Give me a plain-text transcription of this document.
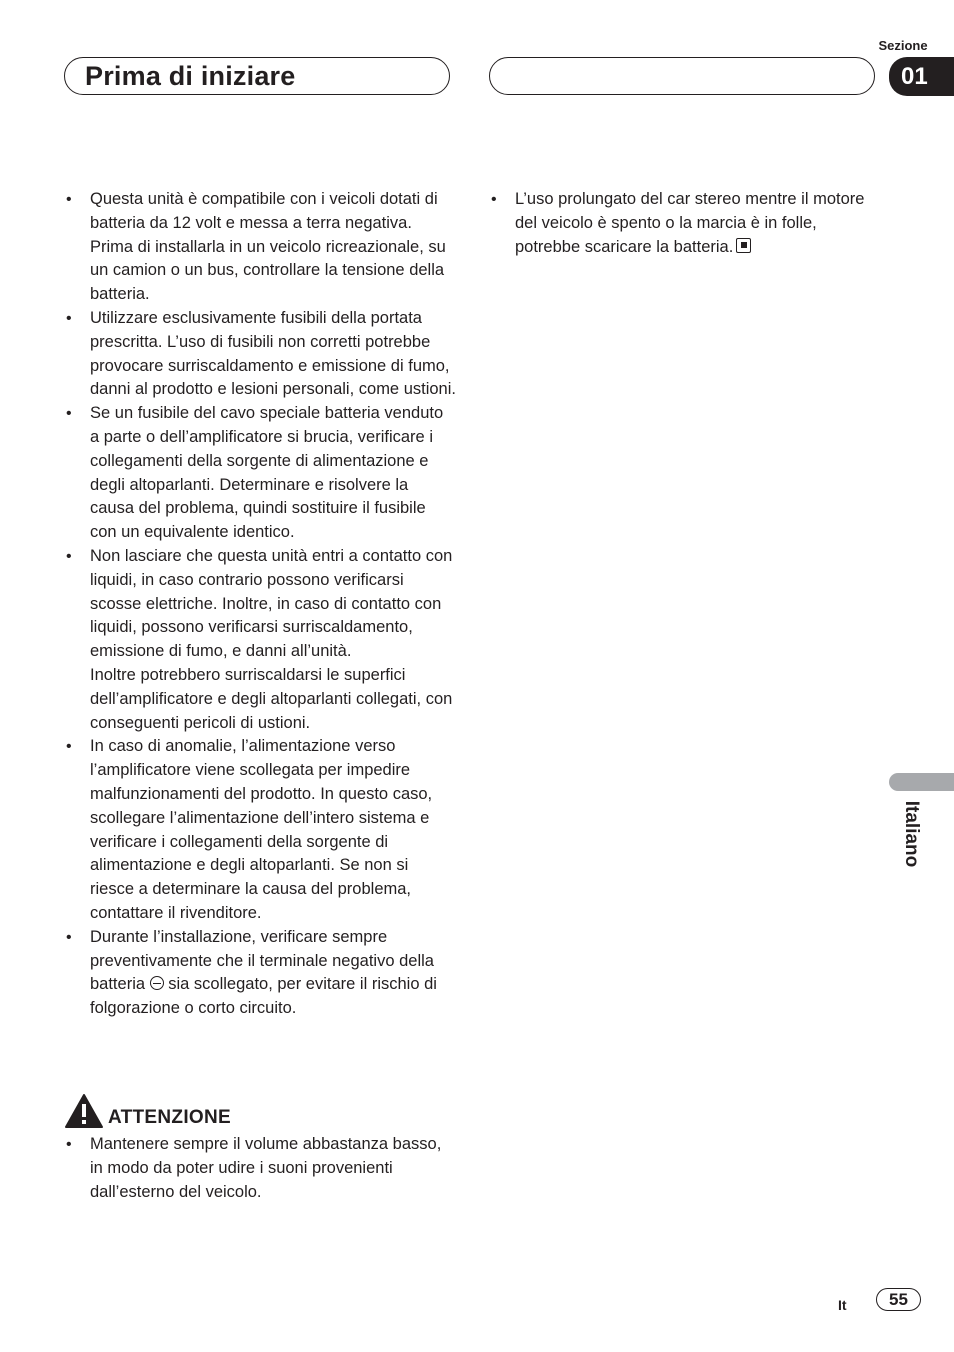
Prima di iniziare
Sezione
01
• Questa unità è compatibile con i veicoli dotati di batteria da 12 volt e messa a terra negativa. Prima di installarla in un veicolo ricreazionale, su un camion o un bus, controllare la tensione della batteria.
• Utilizzare esclusivamente fusibili della portata prescritta. L’uso di fusibili non corretti potrebbe provocare surriscaldamento e emissione di fumo, danni al prodotto e lesioni personali, come ustioni.
• Se un fusibile del cavo speciale batteria venduto a parte o dell’amplificatore si brucia, verificare i collegamenti della sorgente di alimentazione e degli altoparlanti. Determinare e risolvere la causa del problema, quindi sostituire il fusibile con un equivalente identico.
• Non lasciare che questa unità entri a contatto con liquidi, in caso contrario possono verificarsi scosse elettriche. Inoltre, in caso di contatto con liquidi, possono verificarsi surriscaldamento, emissione di fumo, e danni all’unità.
Inoltre potrebbero surriscaldarsi le superfici dell’amplificatore e degli altoparlanti collegati, con conseguenti pericoli di ustioni.
• In caso di anomalie, l’alimentazione verso l’amplificatore viene scollegata per impedire malfunzionamenti del prodotto. In questo caso, scollegare l’alimentazione dell’intero sistema e verificare i collegamenti della sorgente di alimentazione e degli altoparlanti. Se non si riesce a determinare la causa del problema, contattare il rivenditore.
• Durante l’installazione, verificare sempre preventivamente che il terminale negativo della batteria sia scollegato, per evitare il rischio di folgorazione o corto circuito.
ATTENZIONE
• Mantenere sempre il volume abbastanza basso, in modo da poter udire i suoni provenienti dall’esterno del veicolo.
• L’uso prolungato del car stereo mentre il motore del veicolo è spento o la marcia è in folle, potrebbe scaricare la batteria.
Italiano
It	55
